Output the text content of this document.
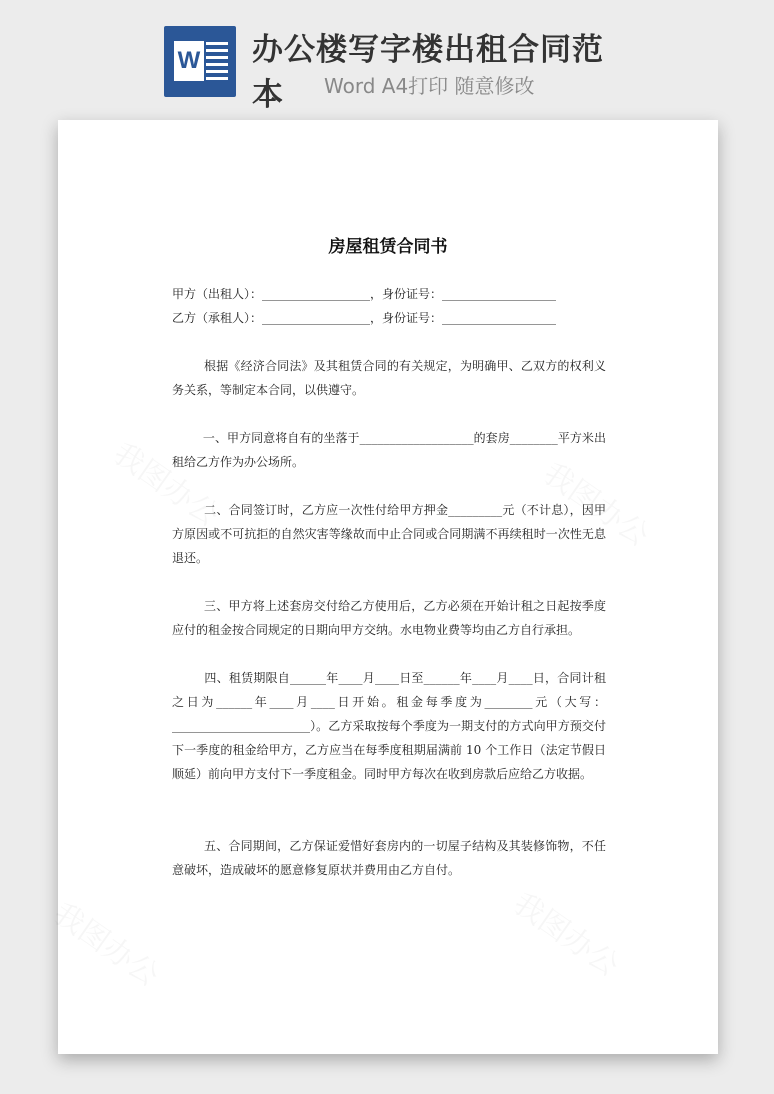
W 办公楼写字楼出租合同范本	Word A4打印 随意修改
房屋租赁合同书
甲方（出租人）：__________________，身份证号：___________________
乙方（承租人）：__________________，身份证号：___________________
根据《经济合同法》及其租赁合同的有关规定，为明确甲、乙双方的权利义务关系，等制定本合同，以供遵守。
一、甲方同意将自有的坐落于___________________的套房________平方米出租给乙方作为办公场所。
二、合同签订时，乙方应一次性付给甲方押金_________元（不计息），因甲方原因或不可抗拒的自然灾害等缘故而中止合同或合同期满不再续租时一次性无息退还。
三、甲方将上述套房交付给乙方使用后，乙方必须在开始计租之日起按季度应付的租金按合同规定的日期向甲方交纳。水电物业费等均由乙方自行承担。
四、租赁期限自______年____月____日至______年____月____日，合同计租之日为______年____月____日开始。租金每季度为________元（大写：_______________________）。乙方采取按每个季度为一期支付的方式向甲方预交付下一季度的租金给甲方，乙方应当在每季度租期届满前 10 个工作日（法定节假日顺延）前向甲方支付下一季度租金。同时甲方每次在收到房款后应给乙方收据。
五、合同期间，乙方保证爱惜好套房内的一切屋子结构及其装修饰物，不任意破坏，造成破坏的愿意修复原状并费用由乙方自付。
